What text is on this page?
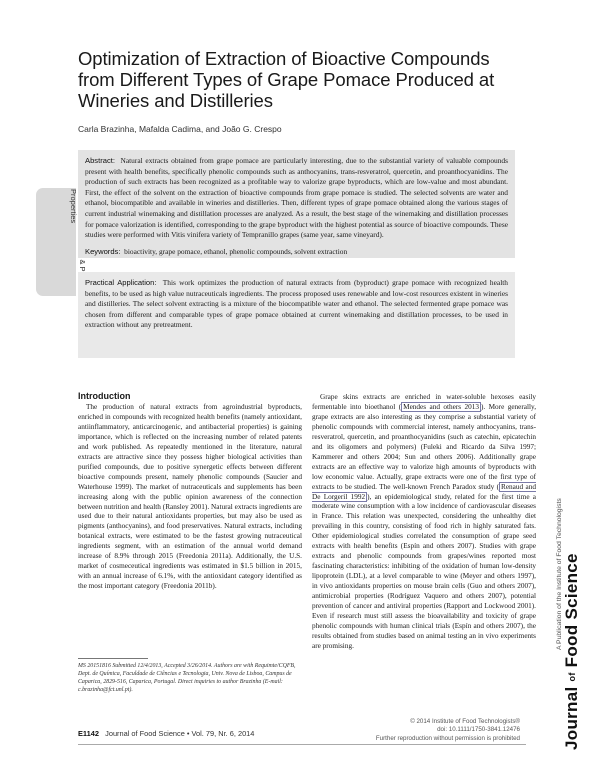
Optimization of Extraction of Bioactive Compounds from Different Types of Grape Pomace Produced at Wineries and Distilleries
Carla Brazinha, Mafalda Cadima, and João G. Crespo
& Properties
Abstract: Natural extracts obtained from grape pomace are particularly interesting, due to the substantial variety of valuable compounds present with health benefits, specifically phenolic compounds such as anthocyanins, trans-resveratrol, quercetin, and proanthocyanidins. The production of such extracts has been recognized as a profitable way to valorize grape byproducts, which are low-value and most abundant. First, the effect of the solvent on the extraction of bioactive compounds from grape pomace is studied. The selected solvents are water and ethanol, biocompatible and available in wineries and distilleries. Then, different types of grape pomace obtained along the various stages of current industrial winemaking and distillation processes are analyzed. As a result, the best stage of the winemaking and distillation processes for pomace valorization is identified, corresponding to the grape byproduct with the highest potential as source of bioactive compounds. These studies were performed with Vitis vinifera variety of Tempranillo grapes (same year, same vineyard).
Keywords: bioactivity, grape pomace, ethanol, phenolic compounds, solvent extraction
Practical Application: This work optimizes the production of natural extracts from (byproduct) grape pomace with recognized health benefits, to be used as high value nutraceuticals ingredients. The process proposed uses renewable and low-cost resources existent in wineries and distilleries. The select solvent extracting is a mixture of the biocompatible water and ethanol. The selected fermented grape pomace was chosen from different and comparable types of grape pomace obtained at current winemaking and distillation processes, to be used in extraction without any pretreatment.
Introduction

The production of natural extracts from agroindustrial byproducts, enriched in compounds with recognized health benefits (namely antioxidant, antiinflammatory, anticarcinogenic, and antibacterial properties) is gaining importance, which is reflected on the increasing number of related patents and work published. As repeatedly mentioned in the literature, natural extracts are attractive since they possess higher biological activities than purified compounds, due to positive synergetic effects between different bioactive compounds present, namely phenolic compounds (Saucier and Waterhouse 1999). The market of nutraceuticals and supplements has been increasing along with the public opinion awareness of the connection between nutrition and health (Ransley 2001). Natural extracts ingredients are used due to their natural antioxidants properties, but may also be used as pigments (anthocyanins), and food preservatives. Natural extracts, including botanical extracts, were estimated to be the fastest growing nutraceutical ingredients segment, with an estimation of the annual world demand increase of 8.9% through 2015 (Freedonia 2011a). Additionally, the U.S. market of cosmeceutical ingredients was estimated in $1.5 billion in 2015, with an annual increase of 6.1%, with the antioxidant category identified as the most important category (Freedonia 2011b).

MS 20151816 Submitted 12/4/2013, Accepted 3/26/2014. Authors are with Requimte/CQFB, Dept. de Química, Faculdade de Ciências e Tecnologia, Univ. Nova de Lisboa, Campus de Caparica, 2829-516, Caparica, Portugal. Direct inquiries to author Brazinha (E-mail: c.brazinha@fct.unl.pt).

Grape skins extracts are enriched in water-soluble hexoses easily fermentable into bioethanol ( Mendes and others 2013 ). More generally, grape extracts are also interesting as they comprise a substantial variety of phenolic compounds with commercial interest, namely anthocyanins, trans-resveratrol, quercetin, and proanthocyanidins (such as catechin, epicatechin and its oligomers and polymers) (Fuleki and Ricardo da Silva 1997; Kammerer and others 2004; Sun and others 2006). Additionally grape extracts are an effective way to valorize high amounts of byproducts with low economic value. Actually, grape extracts were one of the first type of extracts to be studied. The well-known French Paradox study ( Renaud and De Lorgeril 1992 ), an epidemiological study, related for the first time a moderate wine consumption with a low incidence of cardiovascular diseases in France. This relation was unexpected, considering the unhealthy diet prevailing in this country, consisting of food rich in highly saturated fats. Other epidemiological studies correlated the consumption of grape seed extracts with health benefits (Espín and others 2007). Studies with grape extracts and phenolic compounds from grapes/wines reported most fascinating characteristics: inhibiting of the oxidation of human low-density lipoprotein (LDL), at a level comparable to wine (Meyer and others 1997), in vivo antioxidants properties on mouse brain cells (Guo and others 2007), antimicrobial properties (Rodríguez Vaquero and others 2007), potential prevention of cancer and antiviral properties (Rapport and Lockwood 2001). Even if research must still assess the bioavailability and toxicity of grape phenolic compounds with human clinical trials (Espín and others 2007), the results obtained from studies based on animal testing an in vivo experiments are promising.	A Publication of the Institute of Food Technologists
Journal of Food Science
© 2014 Institute of Food Technologists®
doi: 10.1111/1750-3841.12476
Further reproduction without permission is prohibited
E1142 Journal of Food Science • Vol. 79, Nr. 6, 2014
